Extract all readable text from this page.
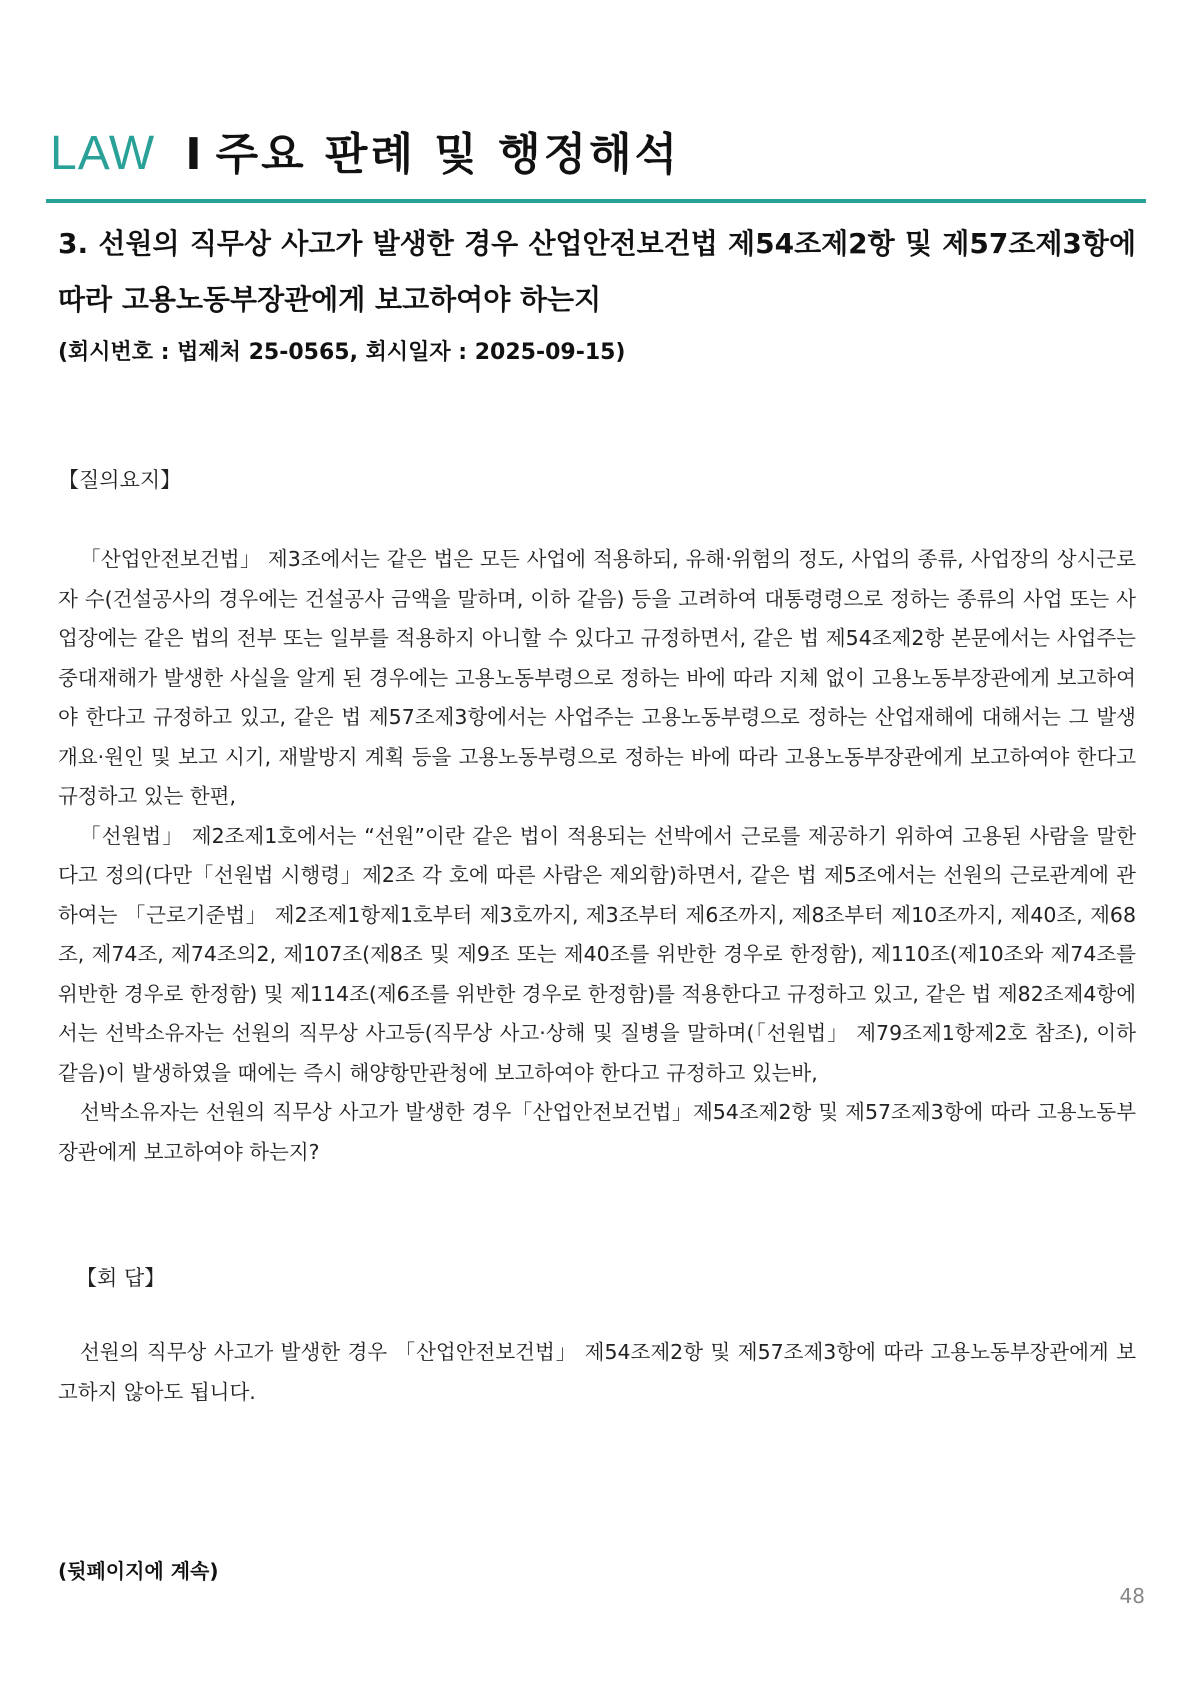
LAW I 주요 판례 및 행정해석
3. 선원의 직무상 사고가 발생한 경우 산업안전보건법 제54조제2항 및 제57조제3항에 따라 고용노동부장관에게 보고하여야 하는지
(회시번호 : 법제처 25-0565, 회시일자 : 2025-09-15)
【질의요지】

「산업안전보건법」 제3조에서는 같은 법은 모든 사업에 적용하되, 유해·위험의 정도, 사업의 종류, 사업장의 상시근로자 수(건설공사의 경우에는 건설공사 금액을 말하며, 이하 같음) 등을 고려하여 대통령령으로 정하는 종류의 사업 또는 사업장에는 같은 법의 전부 또는 일부를 적용하지 아니할 수 있다고 규정하면서, 같은 법 제54조제2항 본문에서는 사업주는 중대재해가 발생한 사실을 알게 된 경우에는 고용노동부령으로 정하는 바에 따라 지체 없이 고용노동부장관에게 보고하여야 한다고 규정하고 있고, 같은 법 제57조제3항에서는 사업주는 고용노동부령으로 정하는 산업재해에 대해서는 그 발생 개요·원인 및 보고 시기, 재발방지 계획 등을 고용노동부령으로 정하는 바에 따라 고용노동부장관에게 보고하여야 한다고 규정하고 있는 한편,

「선원법」 제2조제1호에서는 “선원”이란 같은 법이 적용되는 선박에서 근로를 제공하기 위하여 고용된 사람을 말한다고 정의(다만「선원법 시행령」제2조 각 호에 따른 사람은 제외함)하면서, 같은 법 제5조에서는 선원의 근로관계에 관하여는 「근로기준법」 제2조제1항제1호부터 제3호까지, 제3조부터 제6조까지, 제8조부터 제10조까지, 제40조, 제68조, 제74조, 제74조의2, 제107조(제8조 및 제9조 또는 제40조를 위반한 경우로 한정함), 제110조(제10조와 제74조를 위반한 경우로 한정함) 및 제114조(제6조를 위반한 경우로 한정함)를 적용한다고 규정하고 있고, 같은 법 제82조제4항에서는 선박소유자는 선원의 직무상 사고등(직무상 사고·상해 및 질병을 말하며(「선원법」 제79조제1항제2호 참조), 이하 같음)이 발생하였을 때에는 즉시 해양항만관청에 보고하여야 한다고 규정하고 있는바,

선박소유자는 선원의 직무상 사고가 발생한 경우「산업안전보건법」제54조제2항 및 제57조제3항에 따라 고용노동부장관에게 보고하여야 하는지?

【회 답】

선원의 직무상 사고가 발생한 경우 「산업안전보건법」 제54조제2항 및 제57조제3항에 따라 고용노동부장관에게 보고하지 않아도 됩니다.

(뒷페이지에 계속)
48
